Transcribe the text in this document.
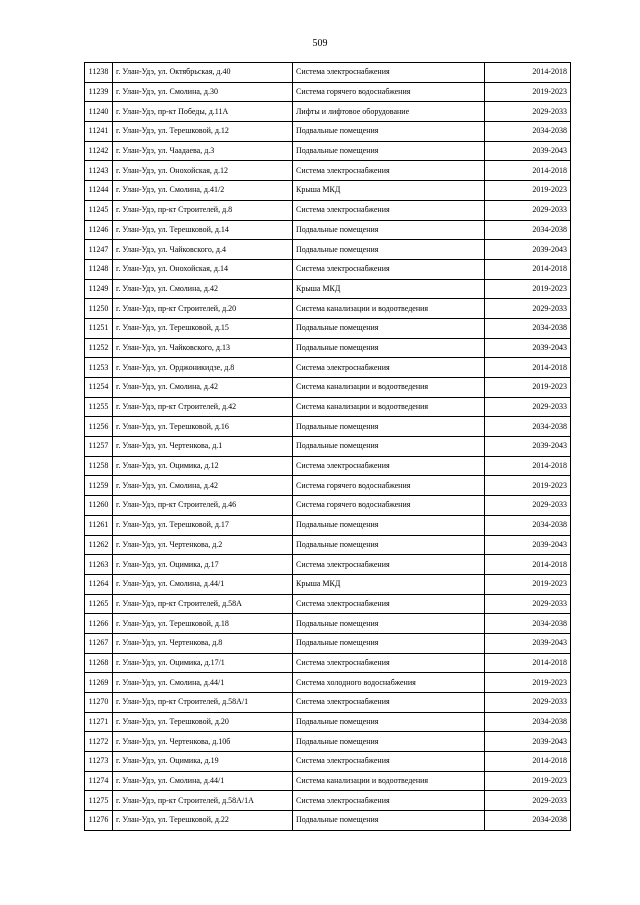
509
11238	г. Улан-Удэ, ул. Октябрьская, д.40	Система электроснабжения	2014-2018
11239	г. Улан-Удэ, ул. Смолина, д.30	Система горячего водоснабжения	2019-2023
11240	г. Улан-Удэ, пр-кт Победы, д.11А	Лифты и лифтовое оборудование	2029-2033
11241	г. Улан-Удэ, ул. Терешковой, д.12	Подвальные помещения	2034-2038
11242	г. Улан-Удэ, ул. Чаадаева, д.3	Подвальные помещения	2039-2043
11243	г. Улан-Удэ, ул. Онохойская, д.12	Система электроснабжения	2014-2018
11244	г. Улан-Удэ, ул. Смолина, д.41/2	Крыша МКД	2019-2023
11245	г. Улан-Удэ, пр-кт Строителей, д.8	Система электроснабжения	2029-2033
11246	г. Улан-Удэ, ул. Терешковой, д.14	Подвальные помещения	2034-2038
11247	г. Улан-Удэ, ул. Чайковского, д.4	Подвальные помещения	2039-2043
11248	г. Улан-Удэ, ул. Онохойская, д.14	Система электроснабжения	2014-2018
11249	г. Улан-Удэ, ул. Смолина, д.42	Крыша МКД	2019-2023
11250	г. Улан-Удэ, пр-кт Строителей, д.20	Система канализации и водоотведения	2029-2033
11251	г. Улан-Удэ, ул. Терешковой, д.15	Подвальные помещения	2034-2038
11252	г. Улан-Удэ, ул. Чайковского, д.13	Подвальные помещения	2039-2043
11253	г. Улан-Удэ, ул. Орджоникидзе, д.8	Система электроснабжения	2014-2018
11254	г. Улан-Удэ, ул. Смолина, д.42	Система канализации и водоотведения	2019-2023
11255	г. Улан-Удэ, пр-кт Строителей, д.42	Система канализации и водоотведения	2029-2033
11256	г. Улан-Удэ, ул. Терешковой, д.16	Подвальные помещения	2034-2038
11257	г. Улан-Удэ, ул. Чертенкова, д.1	Подвальные помещения	2039-2043
11258	г. Улан-Удэ, ул. Оцимика, д.12	Система электроснабжения	2014-2018
11259	г. Улан-Удэ, ул. Смолина, д.42	Система горячего водоснабжения	2019-2023
11260	г. Улан-Удэ, пр-кт Строителей, д.46	Система горячего водоснабжения	2029-2033
11261	г. Улан-Удэ, ул. Терешковой, д.17	Подвальные помещения	2034-2038
11262	г. Улан-Удэ, ул. Чертенкова, д.2	Подвальные помещения	2039-2043
11263	г. Улан-Удэ, ул. Оцимика, д.17	Система электроснабжения	2014-2018
11264	г. Улан-Удэ, ул. Смолина, д.44/1	Крыша МКД	2019-2023
11265	г. Улан-Удэ, пр-кт Строителей, д.58А	Система электроснабжения	2029-2033
11266	г. Улан-Удэ, ул. Терешковой, д.18	Подвальные помещения	2034-2038
11267	г. Улан-Удэ, ул. Чертенкова, д.8	Подвальные помещения	2039-2043
11268	г. Улан-Удэ, ул. Оцимика, д.17/1	Система электроснабжения	2014-2018
11269	г. Улан-Удэ, ул. Смолина, д.44/1	Система холодного водоснабжения	2019-2023
11270	г. Улан-Удэ, пр-кт Строителей, д.58А/1	Система электроснабжения	2029-2033
11271	г. Улан-Удэ, ул. Терешковой, д.20	Подвальные помещения	2034-2038
11272	г. Улан-Удэ, ул. Чертенкова, д.10б	Подвальные помещения	2039-2043
11273	г. Улан-Удэ, ул. Оцимика, д.19	Система электроснабжения	2014-2018
11274	г. Улан-Удэ, ул. Смолина, д.44/1	Система канализации и водоотведения	2019-2023
11275	г. Улан-Удэ, пр-кт Строителей, д.58А/1А	Система электроснабжения	2029-2033
11276	г. Улан-Удэ, ул. Терешковой, д.22	Подвальные помещения	2034-2038
